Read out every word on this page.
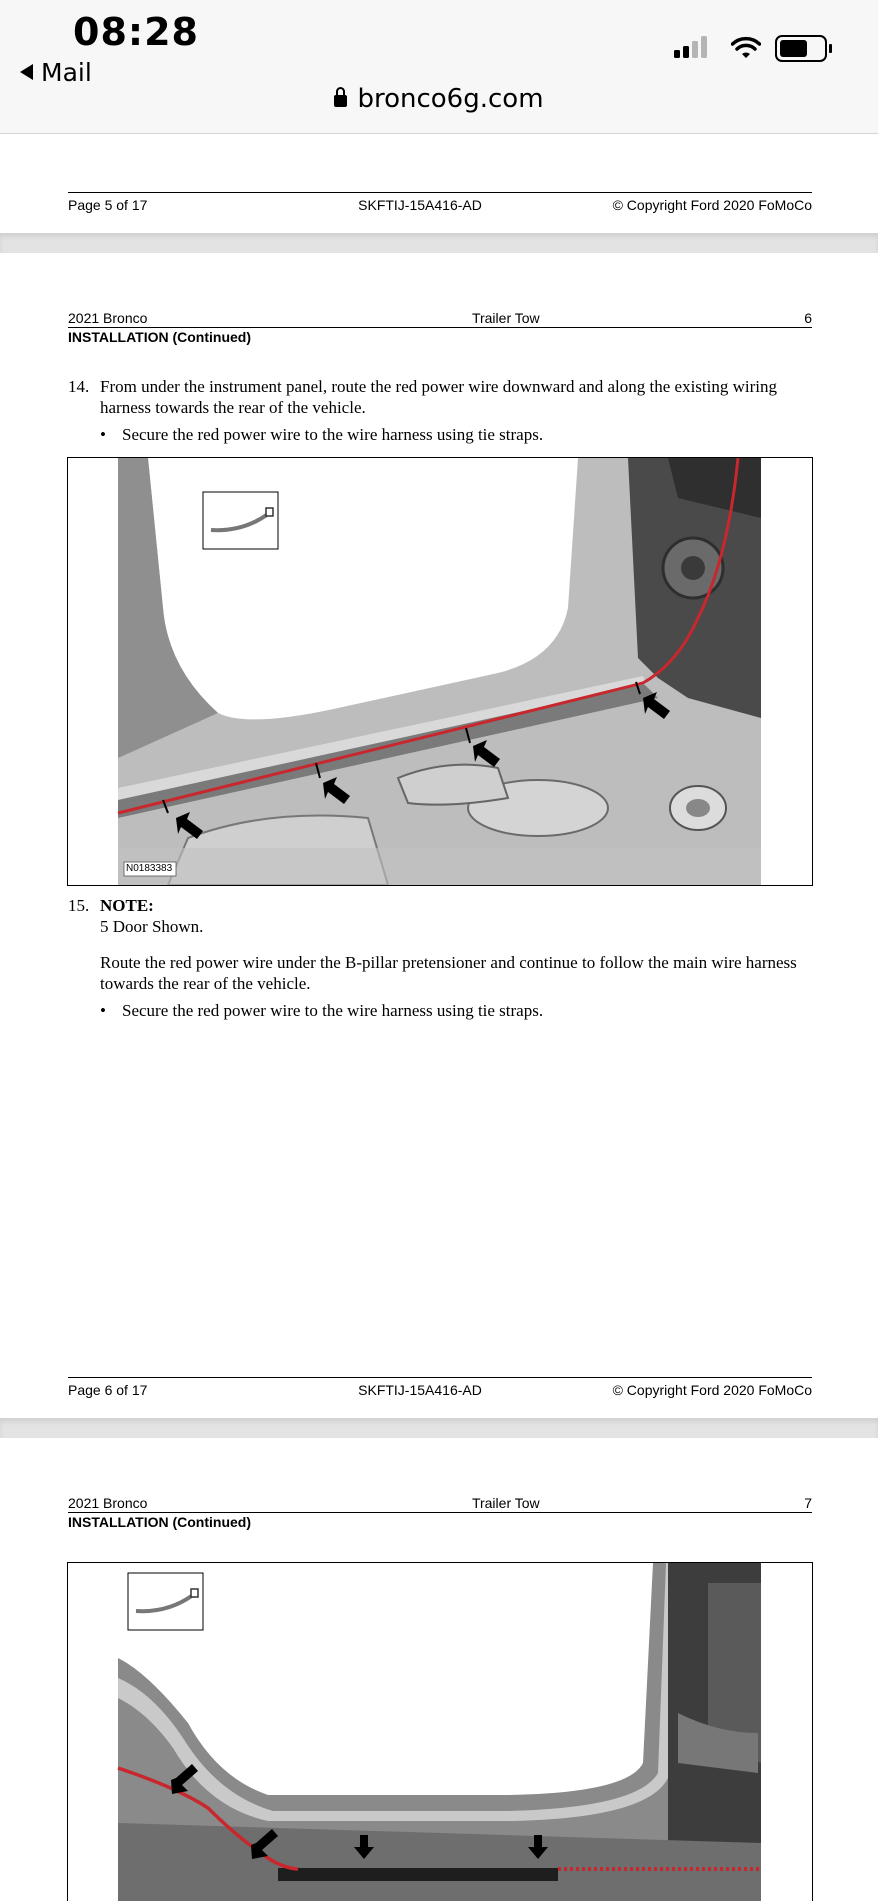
08:28
Mail
bronco6g.com
Page 5 of 17	SKFTIJ-15A416-AD	© Copyright Ford 2020 FoMoCo
2021 Bronco	Trailer Tow	6
INSTALLATION (Continued)
14. From under the instrument panel, route the red power wire downward and along the existing wiring harness towards the rear of the vehicle.
• Secure the red power wire to the wire harness using tie straps.
N0183383
15. NOTE:
5 Door Shown.
Route the red power wire under the B-pillar pretensioner and continue to follow the main wire harness towards the rear of the vehicle.
• Secure the red power wire to the wire harness using tie straps.
Page 6 of 17	SKFTIJ-15A416-AD	© Copyright Ford 2020 FoMoCo
2021 Bronco	Trailer Tow	7
INSTALLATION (Continued)
